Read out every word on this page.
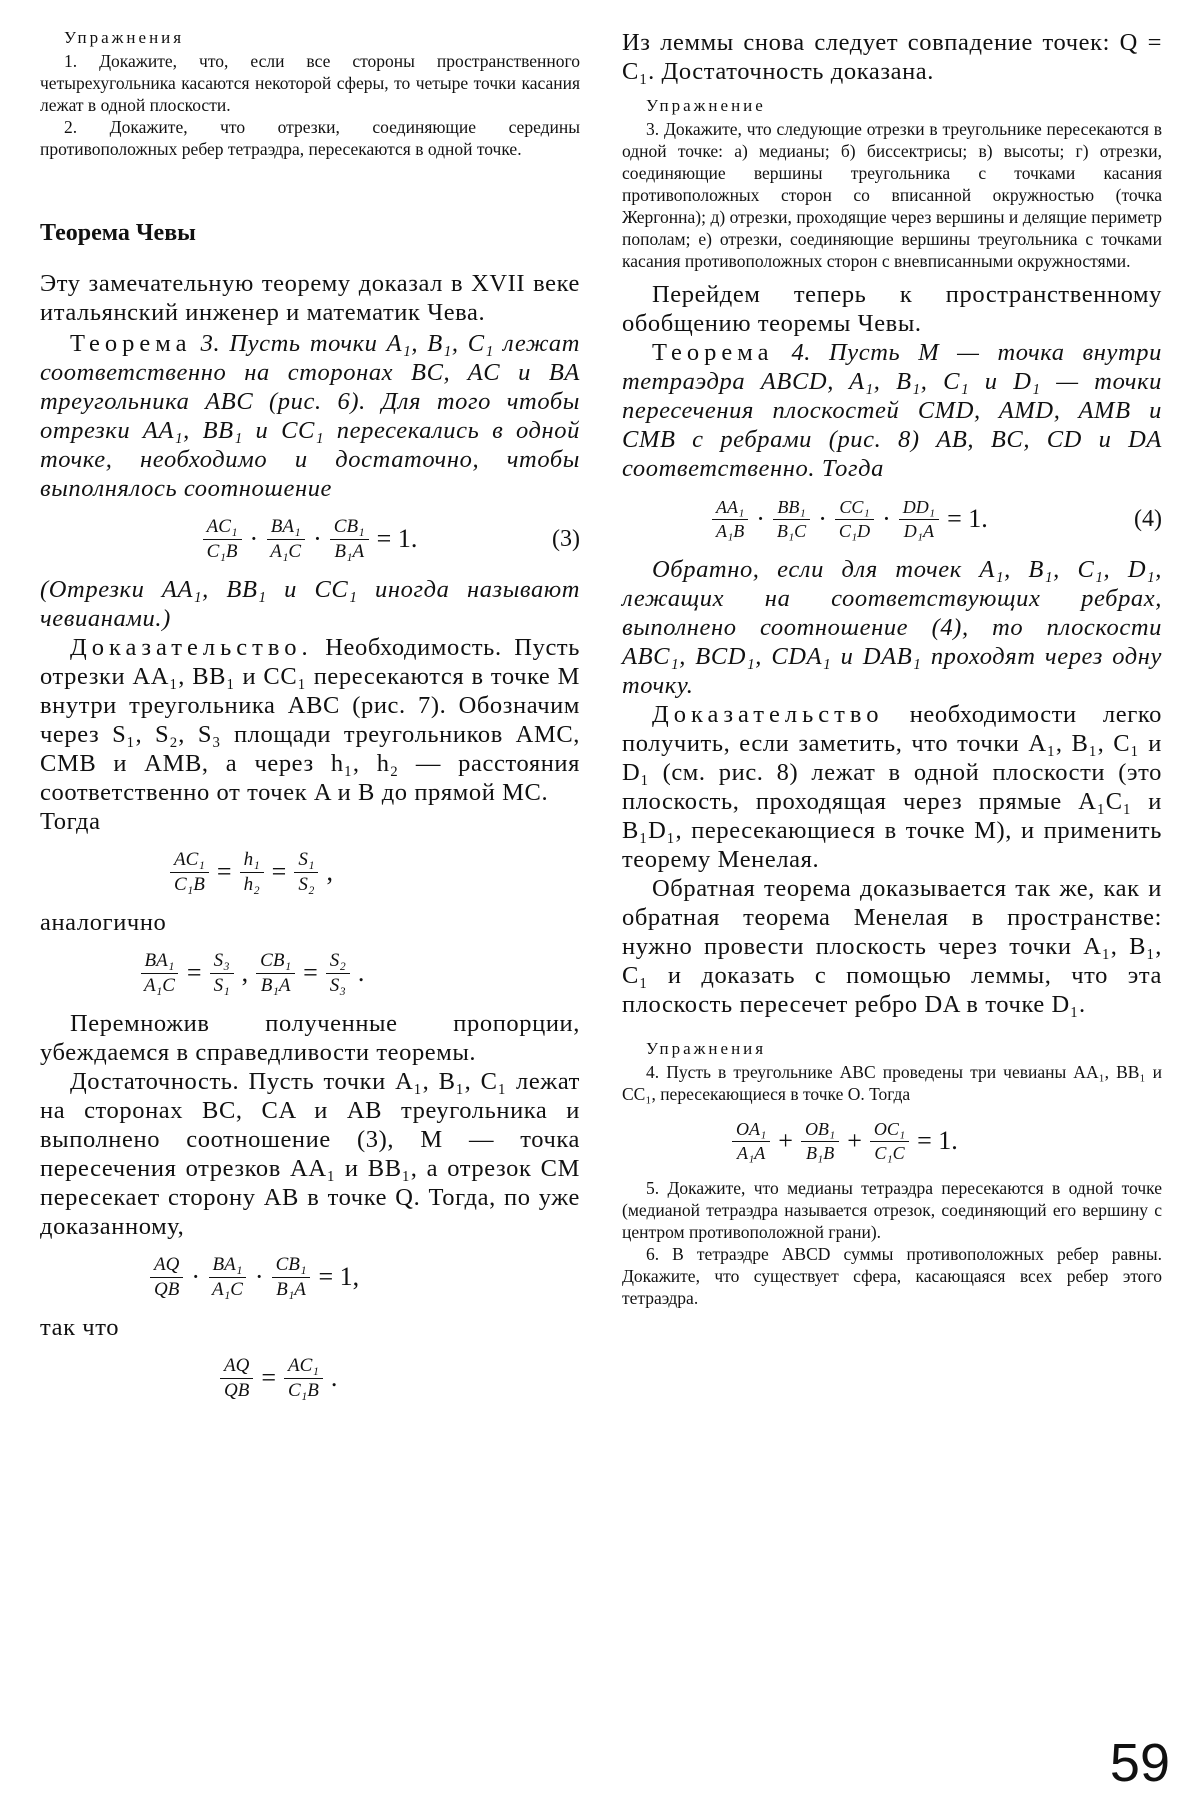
Упражнения

1. Докажите, что, если все стороны пространственного четырехугольника касаются некоторой сферы, то четыре точки касания лежат в одной плоскости.

2. Докажите, что отрезки, соединяющие середины противоположных ребер тетраэдра, пересекаются в одной точке.

Теорема Чевы

Эту замечательную теорему доказал в XVII веке итальянский инженер и математик Чева.

Теорема 3. Пусть точки A₁, B₁, C₁ лежат соответственно на сторонах BC, AC и BA треугольника ABC (рис. 6). Для того чтобы отрезки AA₁, BB₁ и CC₁ пересекались в одной точке, необходимо и достаточно, чтобы выполнялось соотношение

$\frac{\text{AC₁}}{\text{C₁B}} \cdot \frac{\text{BA₁}}{\text{A₁C}} \cdot \frac{\text{CB₁}}{\text{B₁A}} = 1$.	(3)

(Отрезки AA₁, BB₁ и CC₁ иногда называют чевианами.)

Доказательство. Необходимость. Пусть отрезки AA₁, BB₁ и CC₁ пересекаются в точке M внутри треугольника ABC (рис. 7). Обозначим через S₁, S₂, S₃ площади треугольников AMC, CMB и AMB, а через h₁, h₂ — расстояния соответственно от точек A и B до прямой MC.

Тогда

$\frac{\text{AC₁}}{\text{C₁B}} = \frac{\text{h₁}}{\text{h₂}} = \frac{\text{S₁}}{\text{S₂}}$ ,

аналогично

$\frac{\text{BA₁}}{\text{A₁C}} = \frac{\text{S₃}}{\text{S₁}}$ , $\frac{\text{CB₁}}{\text{B₁A}} = \frac{\text{S₂}}{\text{S₃}}$ .

Перемножив полученные пропорции, убеждаемся в справедливости теоремы.

Достаточность. Пусть точки A₁, B₁, C₁ лежат на сторонах BC, CA и AB треугольника и выполнено соотношение (3), M — точка пересечения отрезков AA₁ и BB₁, а отрезок CM пересекает сторону AB в точке Q. Тогда, по уже доказанному,

$\frac{AQ}{QB} \cdot \frac{\text{BA₁}}{\text{A₁C}} \cdot \frac{\text{CB₁}}{\text{B₁A}} = 1$,

так что

$\frac{AQ}{QB} = \frac{\text{AC₁}}{\text{C₁B}}$ .

Из леммы снова следует совпадение точек: Q = C₁. Достаточность доказана.

Упражнение

3. Докажите, что следующие отрезки в треугольнике пересекаются в одной точке: а) медианы; б) биссектрисы; в) высоты; г) отрезки, соединяющие вершины треугольника с точками касания противоположных сторон со вписанной окружностью (точка Жергонна); д) отрезки, проходящие через вершины и делящие периметр пополам; е) отрезки, соединяющие вершины треугольника с точками касания противоположных сторон с вневписанными окружностями.

Перейдем теперь к пространственному обобщению теоремы Чевы.

Теорема 4. Пусть M — точка внутри тетраэдра ABCD, A₁, B₁, C₁ и D₁ — точки пересечения плоскостей CMD, AMD, AMB и CMB с ребрами (рис. 8) AB, BC, CD и DA соответственно. Тогда

$\frac{\text{AA₁}}{\text{A₁B}} \cdot \frac{\text{BB₁}}{\text{B₁C}} \cdot \frac{\text{CC₁}}{\text{C₁D}} \cdot \frac{\text{DD₁}}{\text{D₁A}} = 1$.	(4)

Обратно, если для точек A₁, B₁, C₁, D₁, лежащих на соответствующих ребрах, выполнено соотношение (4), то плоскости ABC₁, BCD₁, CDA₁ и DAB₁ проходят через одну точку.

Доказательство необходимости легко получить, если заметить, что точки A₁, B₁, C₁ и D₁ (см. рис. 8) лежат в одной плоскости (это плоскость, проходящая через прямые A₁C₁ и B₁D₁, пересекающиеся в точке M), и применить теорему Менелая.

Обратная теорема доказывается так же, как и обратная теорема Менелая в пространстве: нужно провести плоскость через точки A₁, B₁, C₁ и доказать с помощью леммы, что эта плоскость пересечет ребро DA в точке D₁.

Упражнения

4. Пусть в треугольнике ABC проведены три чевианы AA₁, BB₁ и CC₁, пересекающиеся в точке O. Тогда

$\frac{\text{OA₁}}{\text{A₁A}} + \frac{\text{OB₁}}{\text{B₁B}} + \frac{\text{OC₁}}{\text{C₁C}} = 1$.

5. Докажите, что медианы тетраэдра пересекаются в одной точке (медианой тетраэдра называется отрезок, соединяющий его вершину с центром противоположной грани).

6. В тетраэдре ABCD суммы противоположных ребер равны. Докажите, что существует сфера, касающаяся всех ребер этого тетраэдра.

59
